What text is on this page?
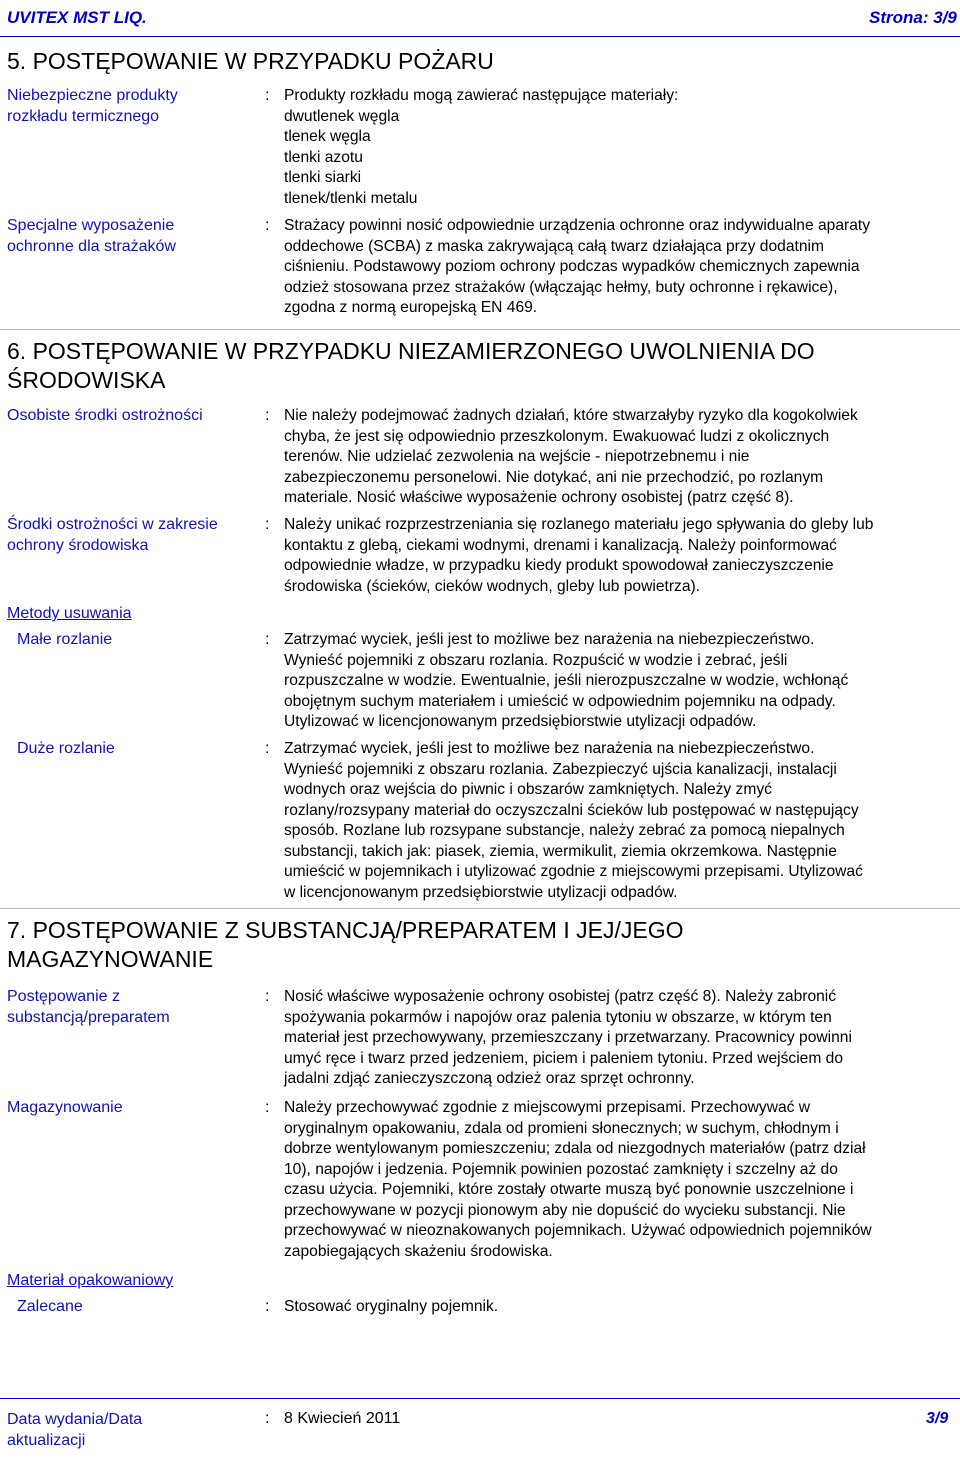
UVITEX MST LIQ.	Strona: 3/9
5. POSTĘPOWANIE W PRZYPADKU POŻARU
Niebezpieczne produkty
rozkładu termicznego
: Produkty rozkładu mogą zawierać następujące materiały:
dwutlenek węgla
tlenek węgla
tlenki azotu
tlenki siarki
tlenek/tlenki metalu
Specjalne wyposażenie
ochronne dla strażaków
: Strażacy powinni nosić odpowiednie urządzenia ochronne oraz indywidualne aparaty
oddechowe (SCBA) z maska zakrywającą całą twarz działająca przy dodatnim
ciśnieniu. Podstawowy poziom ochrony podczas wypadków chemicznych zapewnia
odzież stosowana przez strażaków (włączając hełmy, buty ochronne i rękawice),
zgodna z normą europejską EN 469.
6. POSTĘPOWANIE W PRZYPADKU NIEZAMIERZONEGO UWOLNIENIA DO
ŚRODOWISKA
Osobiste środki ostrożności	: Nie należy podejmować żadnych działań, które stwarzałyby ryzyko dla kogokolwiek
chyba, że jest się odpowiednio przeszkolonym. Ewakuować ludzi z okolicznych
terenów. Nie udzielać zezwolenia na wejście - niepotrzebnemu i nie
zabezpieczonemu personelowi. Nie dotykać, ani nie przechodzić, po rozlanym
materiale. Nosić właściwe wyposażenie ochrony osobistej (patrz część 8).
Środki ostrożności w zakresie
ochrony środowiska
: Należy unikać rozprzestrzeniania się rozlanego materiału jego spływania do gleby lub
kontaktu z glebą, ciekami wodnymi, drenami i kanalizacją. Należy poinformować
odpowiednie władze, w przypadku kiedy produkt spowodował zanieczyszczenie
środowiska (ścieków, cieków wodnych, gleby lub powietrza).
Metody usuwania
Małe rozlanie	: Zatrzymać wyciek, jeśli jest to możliwe bez narażenia na niebezpieczeństwo.
Wynieść pojemniki z obszaru rozlania. Rozpuścić w wodzie i zebrać, jeśli
rozpuszczalne w wodzie. Ewentualnie, jeśli nierozpuszczalne w wodzie, wchłonąć
obojętnym suchym materiałem i umieścić w odpowiednim pojemniku na odpady.
Utylizować w licencjonowanym przedsiębiorstwie utylizacji odpadów.
Duże rozlanie	: Zatrzymać wyciek, jeśli jest to możliwe bez narażenia na niebezpieczeństwo.
Wynieść pojemniki z obszaru rozlania. Zabezpieczyć ujścia kanalizacji, instalacji
wodnych oraz wejścia do piwnic i obszarów zamkniętych. Należy zmyć
rozlany/rozsypany materiał do oczyszczalni ścieków lub postępować w następujący
sposób. Rozlane lub rozsypane substancje, należy zebrać za pomocą niepalnych
substancji, takich jak: piasek, ziemia, wermikulit, ziemia okrzemkowa. Następnie
umieścić w pojemnikach i utylizować zgodnie z miejscowymi przepisami. Utylizować
w licencjonowanym przedsiębiorstwie utylizacji odpadów.
7. POSTĘPOWANIE Z SUBSTANCJĄ/PREPARATEM I JEJ/JEGO
MAGAZYNOWANIE
Postępowanie z
substancją/preparatem
: Nosić właściwe wyposażenie ochrony osobistej (patrz część 8). Należy zabronić
spożywania pokarmów i napojów oraz palenia tytoniu w obszarze, w którym ten
materiał jest przechowywany, przemieszczany i przetwarzany. Pracownicy powinni
umyć ręce i twarz przed jedzeniem, piciem i paleniem tytoniu. Przed wejściem do
jadalni zdjąć zanieczyszczoną odzież oraz sprzęt ochronny.
Magazynowanie	: Należy przechowywać zgodnie z miejscowymi przepisami. Przechowywać w
oryginalnym opakowaniu, zdala od promieni słonecznych; w suchym, chłodnym i
dobrze wentylowanym pomieszczeniu; zdala od niezgodnych materiałów (patrz dział
10), napojów i jedzenia. Pojemnik powinien pozostać zamknięty i szczelny aż do
czasu użycia. Pojemniki, które zostały otwarte muszą być ponownie uszczelnione i
przechowywane w pozycji pionowym aby nie dopuścić do wycieku substancji. Nie
przechowywać w nieoznakowanych pojemnikach. Używać odpowiednich pojemników
zapobiegających skażeniu środowiska.
Materiał opakowaniowy
Zalecane	: Stosować oryginalny pojemnik.
Data wydania/Data
aktualizacji
: 8 Kwiecień 2011	3/9
